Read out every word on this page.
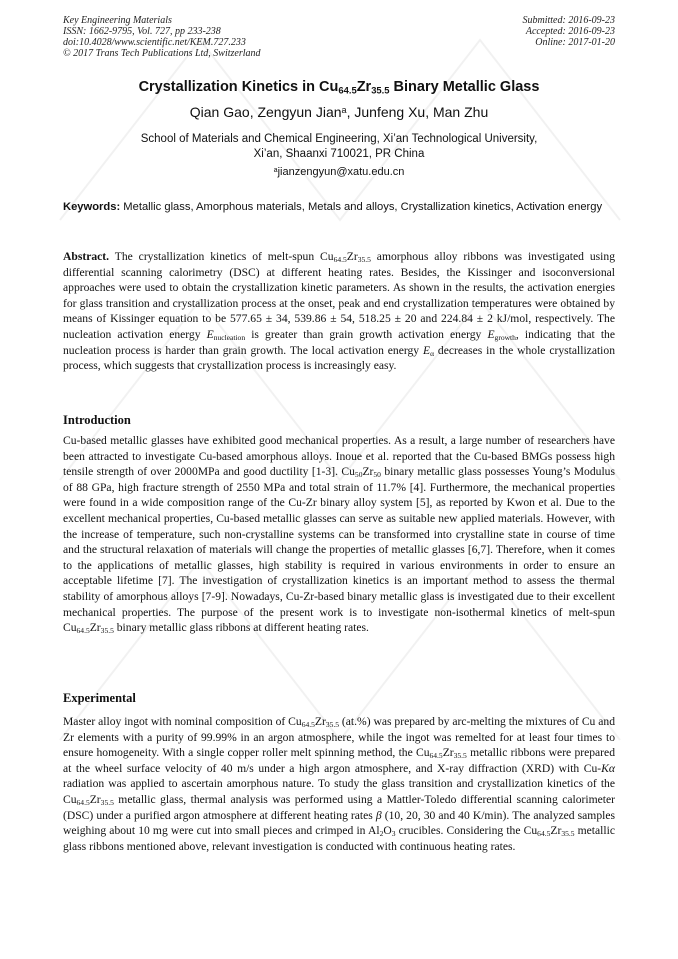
Key Engineering Materials
ISSN: 1662-9795, Vol. 727, pp 233-238
doi:10.4028/www.scientific.net/KEM.727.233
© 2017 Trans Tech Publications Ltd, Switzerland
Submitted: 2016-09-23
Accepted: 2016-09-23
Online: 2017-01-20
Crystallization Kinetics in $Cu_{64.5}Zr_{35.5}$ Binary Metallic Glass
Qian Gao, Zengyun Jian$^a$, Junfeng Xu, Man Zhu
School of Materials and Chemical Engineering, Xi’an Technological University,
Xi’an, Shaanxi 710021, PR China
$^a$jianzengyun@xatu.edu.cn
Keywords: Metallic glass, Amorphous materials, Metals and alloys, Crystallization kinetics, Activation energy
Abstract. The crystallization kinetics of melt-spun $Cu_{64.5}Zr_{35.5}$ amorphous alloy ribbons was investigated using differential scanning calorimetry (DSC) at different heating rates. Besides, the Kissinger and isoconversional approaches were used to obtain the crystallization kinetic parameters. As shown in the results, the activation energies for glass transition and crystallization process at the onset, peak and end crystallization temperatures were obtained by means of Kissinger equation to be 577.65 ± 34, 539.86 ± 54, 518.25 ± 20 and 224.84 ± 2 kJ/mol, respectively. The nucleation activation energy $E_{nucleation}$ is greater than grain growth activation energy $E_{growth}$, indicating that the nucleation process is harder than grain growth. The local activation energy $E_\alpha$ decreases in the whole crystallization process, which suggests that crystallization process is increasingly easy.
Introduction
Cu-based metallic glasses have exhibited good mechanical properties. As a result, a large number of researchers have been attracted to investigate Cu-based amorphous alloys. Inoue et al. reported that the Cu-based BMGs possess high tensile strength of over 2000MPa and good ductility [1-3]. $Cu_{50}Zr_{50}$ binary metallic glass possesses Young’s Modulus of 88 GPa, high fracture strength of 2550 MPa and total strain of 11.7% [4]. Furthermore, the mechanical properties were found in a wide composition range of the Cu-Zr binary alloy system [5], as reported by Kwon et al. Due to the excellent mechanical properties, Cu-based metallic glasses can serve as suitable new applied materials. However, with the increase of temperature, such non-crystalline systems can be transformed into crystalline state in course of time and the structural relaxation of materials will change the properties of metallic glasses [6,7]. Therefore, when it comes to the applications of metallic glasses, high stability is required in various environments in order to ensure an acceptable lifetime [7]. The investigation of crystallization kinetics is an important method to assess the thermal stability of amorphous alloys [7-9]. Nowadays, Cu-Zr-based binary metallic glass is investigated due to their excellent mechanical properties. The purpose of the present work is to investigate non-isothermal kinetics of melt-spun $Cu_{64.5}Zr_{35.5}$ binary metallic glass ribbons at different heating rates.
Experimental
Master alloy ingot with nominal composition of $Cu_{64.5}Zr_{35.5}$ (at.%) was prepared by arc-melting the mixtures of Cu and Zr elements with a purity of 99.99% in an argon atmosphere, while the ingot was remelted for at least four times to ensure homogeneity. With a single copper roller melt spinning method, the $Cu_{64.5}Zr_{35.5}$ metallic ribbons were prepared at the wheel surface velocity of 40 m/s under a high argon atmosphere, and X-ray diffraction (XRD) with Cu-Kα radiation was applied to ascertain amorphous nature. To study the glass transition and crystallization kinetics of the $Cu_{64.5}Zr_{35.5}$ metallic glass, thermal analysis was performed using a Mattler-Toledo differential scanning calorimeter (DSC) under a purified argon atmosphere at different heating rates β (10, 20, 30 and 40 K/min). The analyzed samples weighing about 10 mg were cut into small pieces and crimped in $Al_2O_3$ crucibles. Considering the $Cu_{64.5}Zr_{35.5}$ metallic glass ribbons mentioned above, relevant investigation is conducted with continuous heating rates.
